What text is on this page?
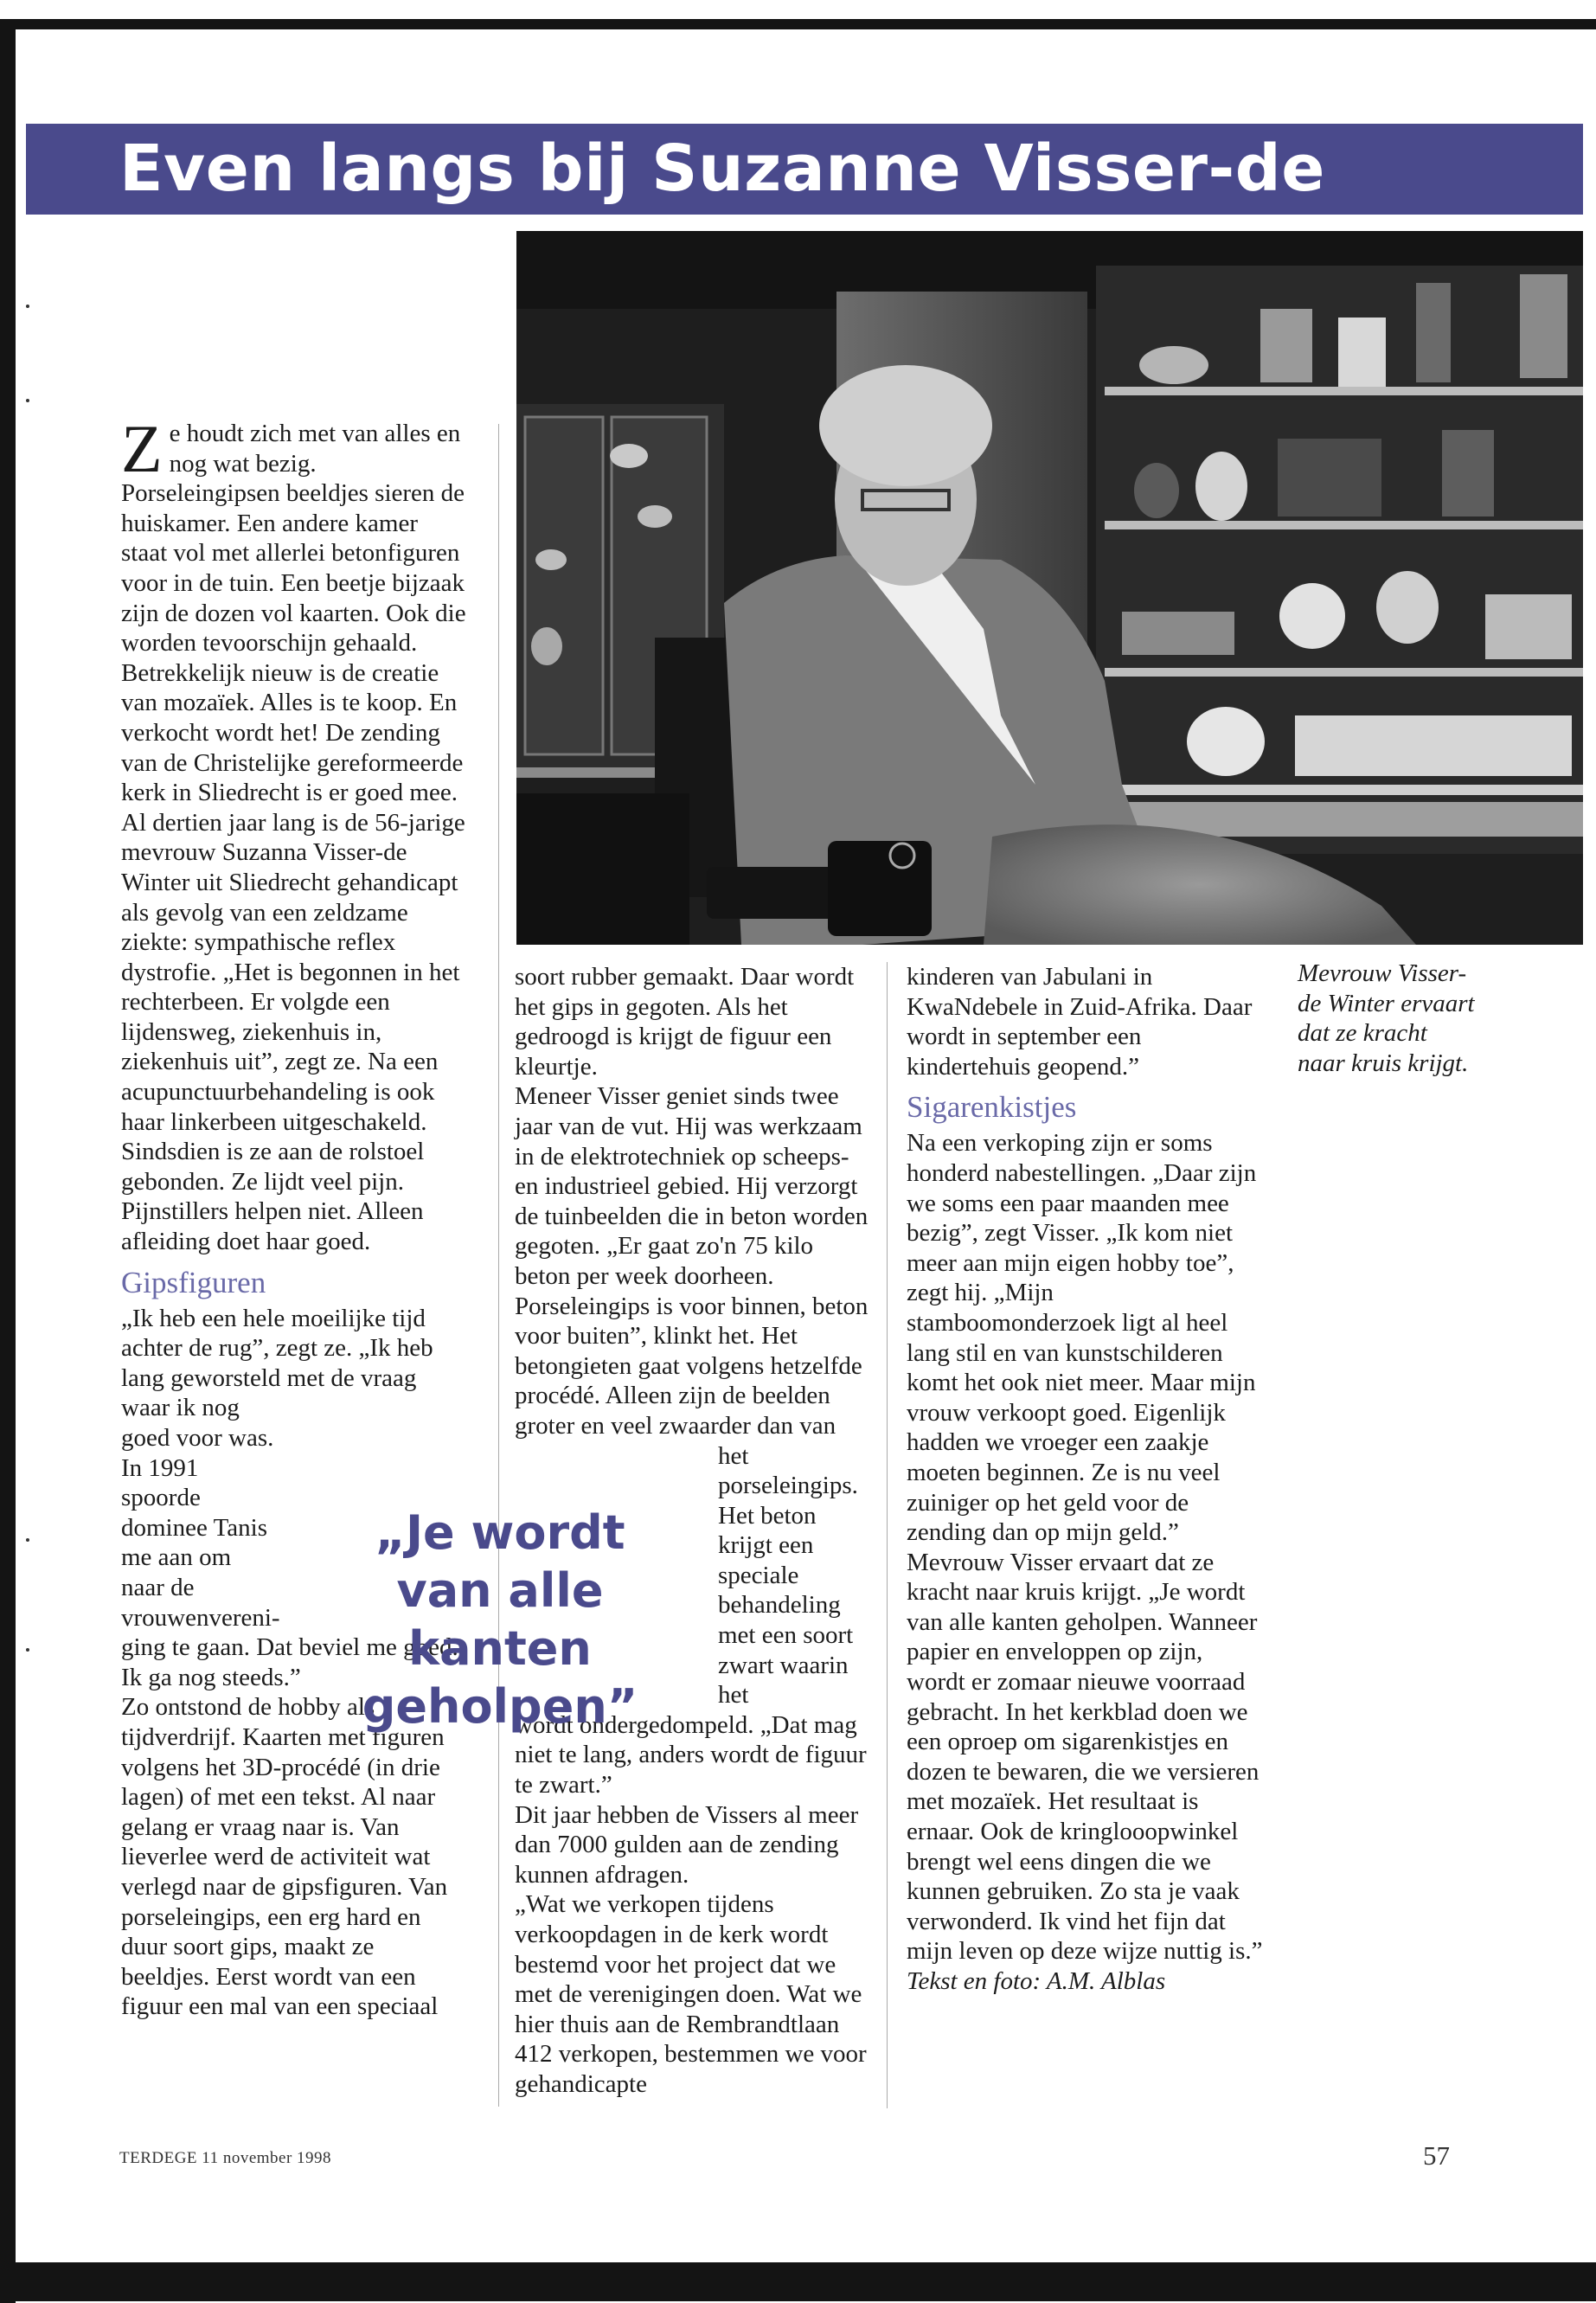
Even langs bij Suzanne Visser-de Winter

Ze houdt zich met van alles en nog wat bezig. Porseleingipsen beeldjes sieren de huiskamer. Een andere kamer staat vol met allerlei betonfiguren voor in de tuin. Een beetje bijzaak zijn de dozen vol kaarten. Ook die worden tevoorschijn gehaald. Betrekkelijk nieuw is de creatie van mozaïek. Alles is te koop. En verkocht wordt het! De zending van de Christelijke gereformeerde kerk in Sliedrecht is er goed mee.

Al dertien jaar lang is de 56-jarige mevrouw Suzanna Visser-de Winter uit Sliedrecht gehandicapt als gevolg van een zeldzame ziekte: sympathische reflex dystrofie. „Het is begonnen in het rechterbeen. Er volgde een lijdensweg, ziekenhuis in, ziekenhuis uit”, zegt ze. Na een acupunctuurbehandeling is ook haar linkerbeen uitgeschakeld. Sindsdien is ze aan de rolstoel gebonden. Ze lijdt veel pijn. Pijnstillers helpen niet. Alleen afleiding doet haar goed.

Gipsfiguren

„Ik heb een hele moeilijke tijd achter de rug”, zegt ze. „Ik heb lang geworsteld met de vraag

waar ik nog goed voor was. In 1991 spoorde dominee Tanis me aan om naar de vrouwenvereni-

ging te gaan. Dat beviel me goed. Ik ga nog steeds.”

Zo ontstond de hobby als tijdverdrijf. Kaarten met figuren volgens het 3D-procédé (in drie lagen) of met een tekst. Al naar gelang er vraag naar is. Van lieverlee werd de activiteit wat verlegd naar de gipsfiguren. Van porseleingips, een erg hard en duur soort gips, maakt ze beeldjes. Eerst wordt van een figuur een mal van een speciaal

soort rubber gemaakt. Daar wordt het gips in gegoten. Als het gedroogd is krijgt de figuur een kleurtje.

Meneer Visser geniet sinds twee jaar van de vut. Hij was werkzaam in de elektrotechniek op scheeps- en industrieel gebied. Hij verzorgt de tuinbeelden die in beton worden gegoten. „Er gaat zo'n 75 kilo beton per week doorheen. Porseleingips is voor binnen, beton voor buiten”, klinkt het. Het betongieten gaat volgens hetzelfde procédé. Alleen zijn de beelden groter en veel zwaarder dan van

het porseleingips. Het beton krijgt een speciale behandeling met een soort zwart waarin het

wordt ondergedompeld. „Dat mag niet te lang, anders wordt de figuur te zwart.”

Dit jaar hebben de Vissers al meer dan 7000 gulden aan de zending kunnen afdragen.

„Wat we verkopen tijdens verkoopdagen in de kerk wordt bestemd voor het project dat we met de verenigingen doen. Wat we hier thuis aan de Rembrandtlaan 412 verkopen, bestemmen we voor gehandicapte

kinderen van Jabulani in KwaNdebele in Zuid-Afrika. Daar wordt in september een kindertehuis geopend.”

Sigarenkistjes

Na een verkoping zijn er soms honderd nabestellingen. „Daar zijn we soms een paar maanden mee bezig”, zegt Visser. „Ik kom niet meer aan mijn eigen hobby toe”, zegt hij. „Mijn stamboomonderzoek ligt al heel lang stil en van kunstschilderen komt het ook niet meer. Maar mijn vrouw verkoopt goed. Eigenlijk hadden we vroeger een zaakje moeten beginnen. Ze is nu veel zuiniger op het geld voor de zending dan op mijn geld.”

Mevrouw Visser ervaart dat ze kracht naar kruis krijgt. „Je wordt van alle kanten geholpen. Wanneer papier en enveloppen op zijn, wordt er zomaar nieuwe voorraad gebracht. In het kerkblad doen we een oproep om sigarenkistjes en dozen te bewaren, die we versieren met mozaïek. Het resultaat is ernaar. Ook de kringlooopwinkel brengt wel eens dingen die we kunnen gebruiken. Zo sta je vaak verwonderd. Ik vind het fijn dat mijn leven op deze wijze nuttig is.”

Tekst en foto: A.M. Alblas

„Je wordt van alle kanten geholpen”
Mevrouw Visser-de Winter ervaart dat ze kracht naar kruis krijgt.
TERDEGE 11 november 1998	57
